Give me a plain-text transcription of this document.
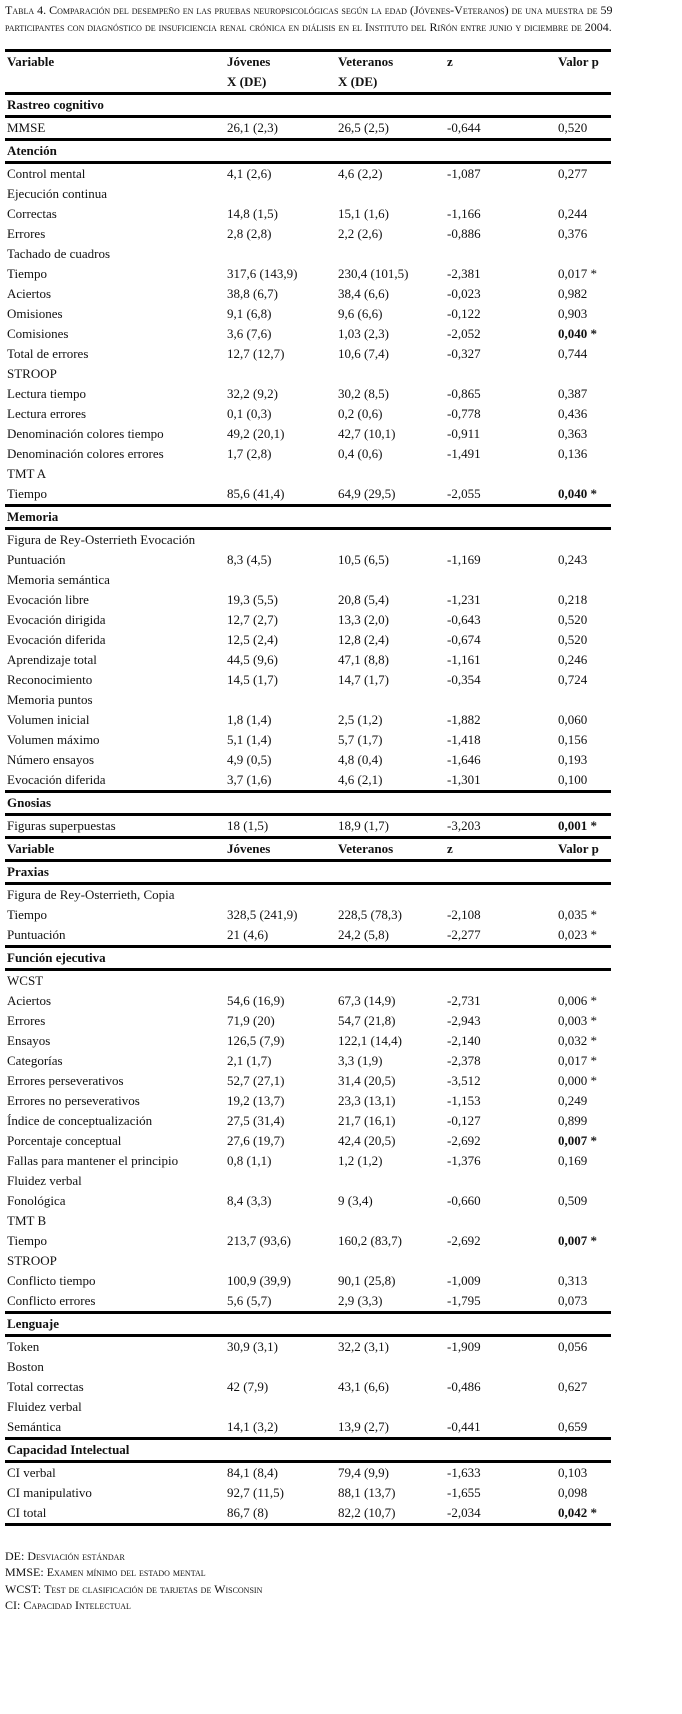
Tabla 4. Comparación del desempeño en las pruebas neuropsicológicas según la edad (Jóvenes-Veteranos) de una muestra de 59 participantes con diagnóstico de insuficiencia renal crónica en diálisis en el Instituto del Riñón entre junio y diciembre de 2004.
Variable	Jóvenes	Veteranos	z	Valor p
	X (DE)	X (DE)		
Rastreo cognitivo				
MMSE	26,1 (2,3)	26,5 (2,5)	-0,644	0,520
Atención				
Control mental	4,1 (2,6)	4,6 (2,2)	-1,087	0,277
Ejecución continua				
Correctas	14,8 (1,5)	15,1 (1,6)	-1,166	0,244
Errores	2,8 (2,8)	2,2 (2,6)	-0,886	0,376
Tachado de cuadros				
Tiempo	317,6 (143,9)	230,4 (101,5)	-2,381	0,017 *
Aciertos	38,8 (6,7)	38,4 (6,6)	-0,023	0,982
Omisiones	9,1 (6,8)	9,6 (6,6)	-0,122	0,903
Comisiones	3,6 (7,6)	1,03 (2,3)	-2,052	0,040 *
Total de errores	12,7 (12,7)	10,6 (7,4)	-0,327	0,744
STROOP				
Lectura tiempo	32,2 (9,2)	30,2 (8,5)	-0,865	0,387
Lectura errores	0,1 (0,3)	0,2 (0,6)	-0,778	0,436
Denominación colores tiempo	49,2 (20,1)	42,7 (10,1)	-0,911	0,363
Denominación colores errores	1,7 (2,8)	0,4 (0,6)	-1,491	0,136
TMT A				
Tiempo	85,6 (41,4)	64,9 (29,5)	-2,055	0,040 *
Memoria				
Figura de Rey-Osterrieth Evocación				
Puntuación	8,3 (4,5)	10,5 (6,5)	-1,169	0,243
Memoria semántica				
Evocación libre	19,3 (5,5)	20,8 (5,4)	-1,231	0,218
Evocación dirigida	12,7 (2,7)	13,3 (2,0)	-0,643	0,520
Evocación diferida	12,5 (2,4)	12,8 (2,4)	-0,674	0,520
Aprendizaje total	44,5 (9,6)	47,1 (8,8)	-1,161	0,246
Reconocimiento	14,5 (1,7)	14,7 (1,7)	-0,354	0,724
Memoria puntos				
Volumen inicial	1,8 (1,4)	2,5 (1,2)	-1,882	0,060
Volumen máximo	5,1 (1,4)	5,7 (1,7)	-1,418	0,156
Número ensayos	4,9 (0,5)	4,8 (0,4)	-1,646	0,193
Evocación diferida	3,7 (1,6)	4,6 (2,1)	-1,301	0,100
Gnosias				
Figuras superpuestas	18 (1,5)	18,9 (1,7)	-3,203	0,001 *
Variable	Jóvenes	Veteranos	z	Valor p
Praxias				
Figura de Rey-Osterrieth, Copia				
Tiempo	328,5 (241,9)	228,5 (78,3)	-2,108	0,035 *
Puntuación	21 (4,6)	24,2 (5,8)	-2,277	0,023 *
Función ejecutiva				
WCST				
Aciertos	54,6 (16,9)	67,3 (14,9)	-2,731	0,006 *
Errores	71,9 (20)	54,7 (21,8)	-2,943	0,003 *
Ensayos	126,5 (7,9)	122,1 (14,4)	-2,140	0,032 *
Categorías	2,1 (1,7)	3,3 (1,9)	-2,378	0,017 *
Errores perseverativos	52,7 (27,1)	31,4 (20,5)	-3,512	0,000 *
Errores no perseverativos	19,2 (13,7)	23,3 (13,1)	-1,153	0,249
Índice de conceptualización	27,5 (31,4)	21,7 (16,1)	-0,127	0,899
Porcentaje conceptual	27,6 (19,7)	42,4 (20,5)	-2,692	0,007 *
Fallas para mantener el principio	0,8 (1,1)	1,2 (1,2)	-1,376	0,169
Fluidez verbal				
Fonológica	8,4 (3,3)	9 (3,4)	-0,660	0,509
TMT B				
Tiempo	213,7 (93,6)	160,2 (83,7)	-2,692	0,007 *
STROOP				
Conflicto tiempo	100,9 (39,9)	90,1 (25,8)	-1,009	0,313
Conflicto errores	5,6 (5,7)	2,9 (3,3)	-1,795	0,073
Lenguaje				
Token	30,9 (3,1)	32,2 (3,1)	-1,909	0,056
Boston				
Total correctas	42 (7,9)	43,1 (6,6)	-0,486	0,627
Fluidez verbal				
Semántica	14,1 (3,2)	13,9 (2,7)	-0,441	0,659
Capacidad Intelectual				
CI verbal	84,1 (8,4)	79,4 (9,9)	-1,633	0,103
CI manipulativo	92,7 (11,5)	88,1 (13,7)	-1,655	0,098
CI total	86,7 (8)	82,2 (10,7)	-2,034	0,042 *
DE: Desviación estándar
MMSE: Examen mínimo del estado mental
WCST: Test de clasificación de tarjetas de Wisconsin
CI: Capacidad Intelectual
